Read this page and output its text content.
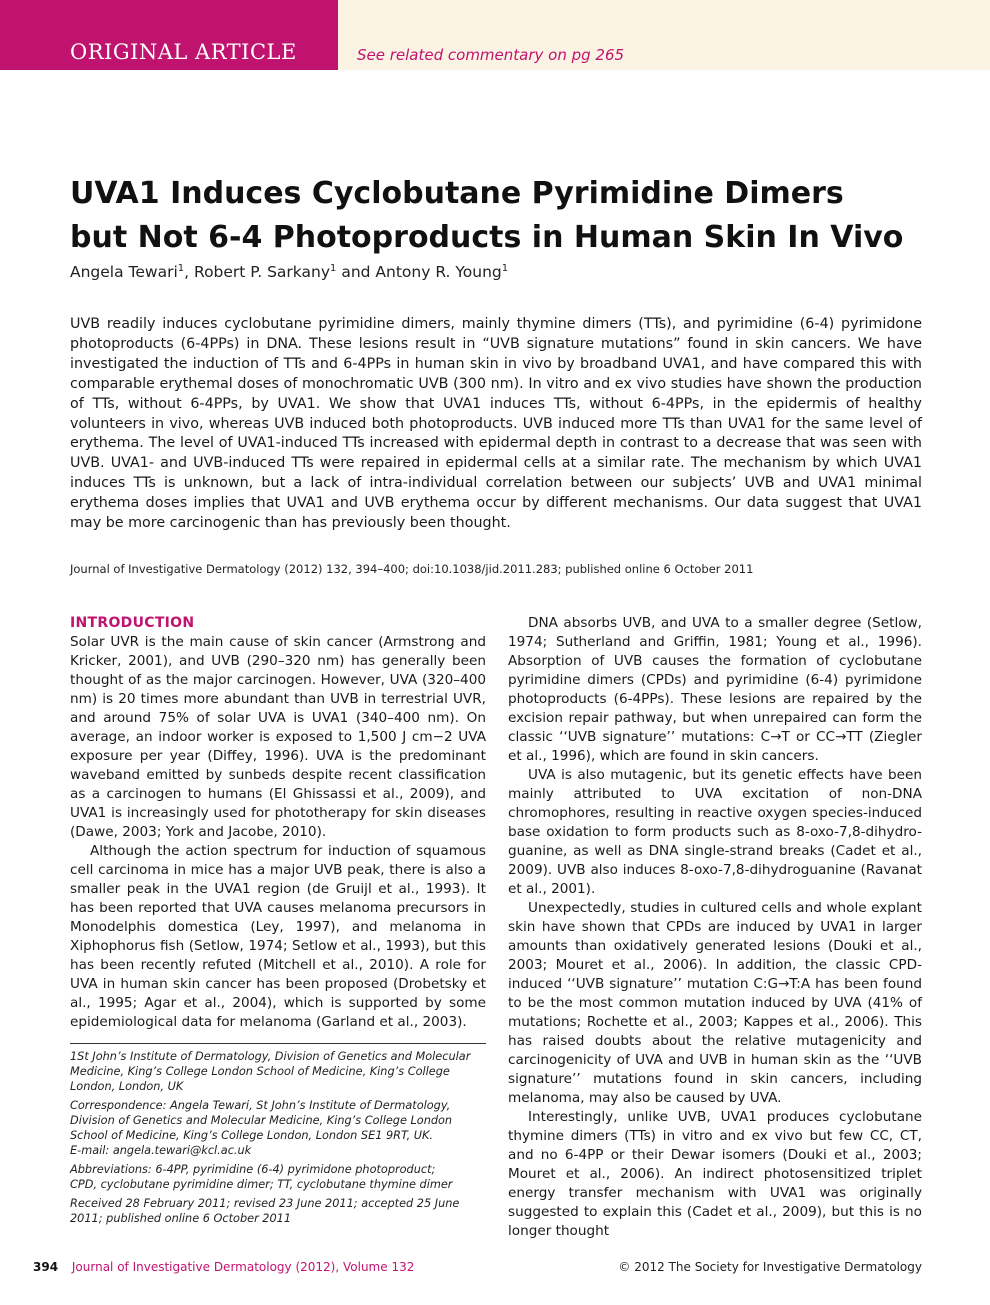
ORIGINAL ARTICLE	See related commentary on pg 265
UVA1 Induces Cyclobutane Pyrimidine Dimers
but Not 6-4 Photoproducts in Human Skin In Vivo
Angela Tewari$^1$, Robert P. Sarkany$^1$ and Antony R. Young$^1$
UVB readily induces cyclobutane pyrimidine dimers, mainly thymine dimers (TTs), and pyrimidine (6-4) pyrimidone photoproducts (6-4PPs) in DNA. These lesions result in “UVB signature mutations” found in skin cancers. We have investigated the induction of TTs and 6-4PPs in human skin in vivo by broadband UVA1, and have compared this with comparable erythemal doses of monochromatic UVB (300 nm). In vitro and ex vivo studies have shown the production of TTs, without 6-4PPs, by UVA1. We show that UVA1 induces TTs, without 6-4PPs, in the epidermis of healthy volunteers in vivo, whereas UVB induced both photoproducts. UVB induced more TTs than UVA1 for the same level of erythema. The level of UVA1-induced TTs increased with epidermal depth in contrast to a decrease that was seen with UVB. UVA1- and UVB-induced TTs were repaired in epidermal cells at a similar rate. The mechanism by which UVA1 induces TTs is unknown, but a lack of intra-individual correlation between our subjects’ UVB and UVA1 minimal erythema doses implies that UVA1 and UVB erythema occur by different mechanisms. Our data suggest that UVA1 may be more carcinogenic than has previously been thought.
Journal of Investigative Dermatology (2012) 132, 394–400; doi:10.1038/jid.2011.283; published online 6 October 2011
INTRODUCTION

Solar UVR is the main cause of skin cancer (Armstrong and Kricker, 2001), and UVB (290–320 nm) has generally been thought of as the major carcinogen. However, UVA (320–400 nm) is 20 times more abundant than UVB in terrestrial UVR, and around 75% of solar UVA is UVA1 (340–400 nm). On average, an indoor worker is exposed to 1,500 J cm−2 UVA exposure per year (Diffey, 1996). UVA is the predominant waveband emitted by sunbeds despite recent classification as a carcinogen to humans (El Ghissassi et al., 2009), and UVA1 is increasingly used for phototherapy for skin diseases (Dawe, 2003; York and Jacobe, 2010).

Although the action spectrum for induction of squamous cell carcinoma in mice has a major UVB peak, there is also a smaller peak in the UVA1 region (de Gruijl et al., 1993). It has been reported that UVA causes melanoma precursors in Monodelphis domestica (Ley, 1997), and melanoma in Xiphophorus fish (Setlow, 1974; Setlow et al., 1993), but this has been recently refuted (Mitchell et al., 2010). A role for UVA in human skin cancer has been proposed (Drobetsky et al., 1995; Agar et al., 2004), which is supported by some epidemiological data for melanoma (Garland et al., 2003).

1St John’s Institute of Dermatology, Division of Genetics and Molecular Medicine, King’s College London School of Medicine, King’s College London, London, UK

Correspondence: Angela Tewari, St John’s Institute of Dermatology, Division of Genetics and Molecular Medicine, King’s College London School of Medicine, King’s College London, London SE1 9RT, UK.
E-mail: angela.tewari@kcl.ac.uk

Abbreviations: 6-4PP, pyrimidine (6-4) pyrimidone photoproduct;
CPD, cyclobutane pyrimidine dimer; TT, cyclobutane thymine dimer

Received 28 February 2011; revised 23 June 2011; accepted 25 June 2011; published online 6 October 2011

DNA absorbs UVB, and UVA to a smaller degree (Setlow, 1974; Sutherland and Griffin, 1981; Young et al., 1996). Absorption of UVB causes the formation of cyclobutane pyrimidine dimers (CPDs) and pyrimidine (6-4) pyrimidone photoproducts (6-4PPs). These lesions are repaired by the excision repair pathway, but when unrepaired can form the classic ‘‘UVB signature’’ mutations: C→T or CC→TT (Ziegler et al., 1996), which are found in skin cancers.

UVA is also mutagenic, but its genetic effects have been mainly attributed to UVA excitation of non-DNA chromophores, resulting in reactive oxygen species-induced base oxidation to form products such as 8-oxo-7,8-dihydro-guanine, as well as DNA single-strand breaks (Cadet et al., 2009). UVB also induces 8-oxo-7,8-dihydroguanine (Ravanat et al., 2001).

Unexpectedly, studies in cultured cells and whole explant skin have shown that CPDs are induced by UVA1 in larger amounts than oxidatively generated lesions (Douki et al., 2003; Mouret et al., 2006). In addition, the classic CPD-induced ‘‘UVB signature’’ mutation C:G→T:A has been found to be the most common mutation induced by UVA (41% of mutations; Rochette et al., 2003; Kappes et al., 2006). This has raised doubts about the relative mutagenicity and carcinogenicity of UVA and UVB in human skin as the ‘‘UVB signature’’ mutations found in skin cancers, including melanoma, may also be caused by UVA.

Interestingly, unlike UVB, UVA1 produces cyclobutane thymine dimers (TTs) in vitro and ex vivo but few CC, CT, and no 6-4PP or their Dewar isomers (Douki et al., 2003; Mouret et al., 2006). An indirect photosensitized triplet energy transfer mechanism with UVA1 was originally suggested to explain this (Cadet et al., 2009), but this is no longer thought

394 Journal of Investigative Dermatology (2012), Volume 132	© 2012 The Society for Investigative Dermatology
